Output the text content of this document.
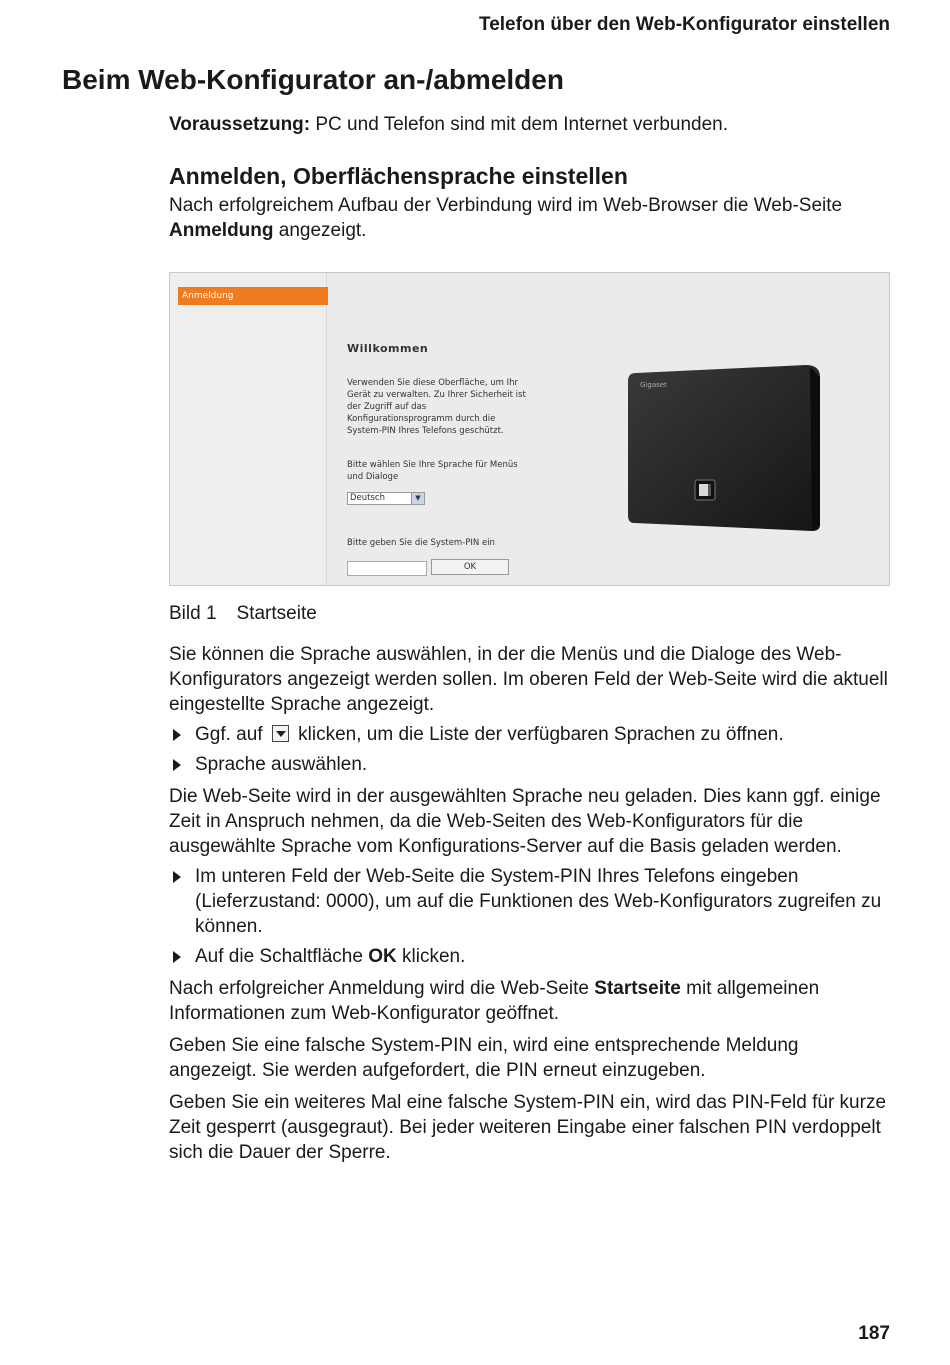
Telefon über den Web-Konfigurator einstellen
Beim Web-Konfigurator an-/abmelden

Voraussetzung: PC und Telefon sind mit dem Internet verbunden.

Anmelden, Oberflächensprache einstellen

Nach erfolgreichem Aufbau der Verbindung wird im Web-Browser die Web-Seite Anmeldung angezeigt.

Anmeldung
Willkommen
Verwenden Sie diese Oberfläche, um Ihr Gerät zu verwalten. Zu Ihrer Sicherheit ist der Zugriff auf das Konfigurationsprogramm durch die System-PIN Ihres Telefons geschützt.
Bitte wählen Sie Ihre Sprache für Menüs und Dialoge
Deutsch	▼
Bitte geben Sie die System-PIN ein
OK
Gigaset
Bild 1 Startseite

Sie können die Sprache auswählen, in der die Menüs und die Dialoge des Web-Konfigurators angezeigt werden sollen. Im oberen Feld der Web-Seite wird die aktuell eingestellte Sprache angezeigt.

Ggf. auf  klicken, um die Liste der verfügbaren Sprachen zu öffnen.

Sprache auswählen.

Die Web-Seite wird in der ausgewählten Sprache neu geladen. Dies kann ggf. einige Zeit in Anspruch nehmen, da die Web-Seiten des Web-Konfigurators für die ausgewählte Sprache vom Konfigurations-Server auf die Basis geladen werden.

Im unteren Feld der Web-Seite die System-PIN Ihres Telefons eingeben (Lieferzustand: 0000), um auf die Funktionen des Web-Konfigurators zugreifen zu können.

Auf die Schaltfläche OK klicken.

Nach erfolgreicher Anmeldung wird die Web-Seite Startseite mit allgemeinen Informationen zum Web-Konfigurator geöffnet.

Geben Sie eine falsche System-PIN ein, wird eine entsprechende Meldung angezeigt. Sie werden aufgefordert, die PIN erneut einzugeben.

Geben Sie ein weiteres Mal eine falsche System-PIN ein, wird das PIN-Feld für kurze Zeit gesperrt (ausgegraut). Bei jeder weiteren Eingabe einer falschen PIN verdoppelt sich die Dauer der Sperre.

187
